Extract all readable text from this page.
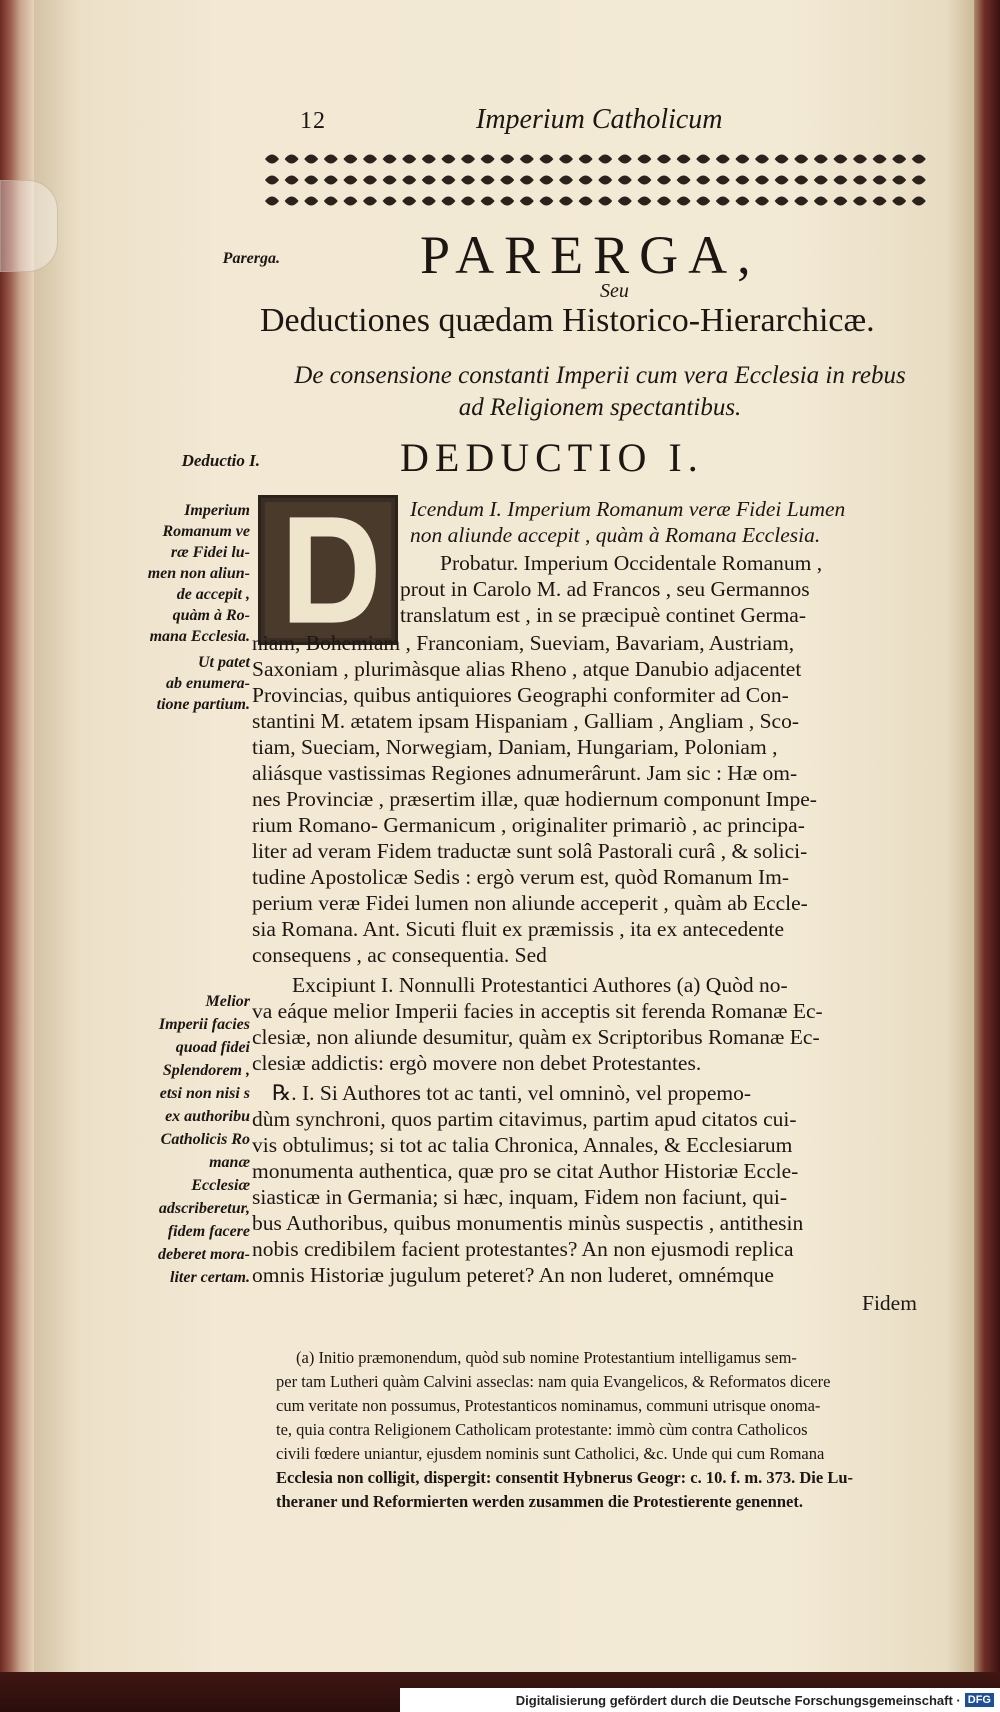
12	Imperium Catholicum
Parerga.
Deductio I.
Imperium
Romanum ve
ræ Fidei lu-
men non aliun-
de accepit ,
quàm à Ro-
mana Ecclesia.
Ut patet
ab enumera-
tione partium.
Melior
Imperii facies
quoad fidei
Splendorem ,
etsi non nisi s
ex authoribu
Catholicis Ro
manæ Ecclesiæ
adscriberetur,
fidem facere
deberet mora-
liter certam.
PARERGA,
Seu
Deductiones quædam Historico-Hierarchicæ.
De consensione constanti Imperii cum vera Ecclesia in rebus
ad Religionem spectantibus.
DEDUCTIO I.
Icendum I. Imperium Romanum veræ Fidei Lumen
non aliunde accepit , quàm à Romana Ecclesia.
Probatur. Imperium Occidentale Romanum ,
prout in Carolo M. ad Francos , seu Germannos
translatum est , in se præcipuè continet Germa-
niam, Bohemiam , Franconiam, Sueviam, Bavariam, Austriam,
Saxoniam , plurimàsque alias Rheno , atque Danubio adjacentet
Provincias, quibus antiquiores Geographi conformiter ad Con-
stantini M. ætatem ipsam Hispaniam , Galliam , Angliam , Sco-
tiam, Sueciam, Norwegiam, Daniam, Hungariam, Poloniam ,
aliásque vastissimas Regiones adnumerârunt. Jam sic : Hæ om-
nes Provinciæ , præsertim illæ, quæ hodiernum componunt Impe-
rium Romano- Germanicum , originaliter primariò , ac principa-
liter ad veram Fidem traductæ sunt solâ Pastorali curâ , & solici-
tudine Apostolicæ Sedis : ergò verum est, quòd Romanum Im-
perium veræ Fidei lumen non aliunde acceperit , quàm ab Eccle-
sia Romana. Ant. Sicuti fluit ex præmissis , ita ex antecedente
consequens , ac consequentia. Sed
Excipiunt I. Nonnulli Protestantici Authores (a) Quòd no-
va eáque melior Imperii facies in acceptis sit ferenda Romanæ Ec-
clesiæ, non aliunde desumitur, quàm ex Scriptoribus Romanæ Ec-
clesiæ addictis: ergò movere non debet Protestantes.
℞. I. Si Authores tot ac tanti, vel omninò, vel propemo-
dùm synchroni, quos partim citavimus, partim apud citatos cui-
vis obtulimus; si tot ac talia Chronica, Annales, & Ecclesiarum
monumenta authentica, quæ pro se citat Author Historiæ Eccle-
siasticæ in Germania; si hæc, inquam, Fidem non faciunt, qui-
bus Authoribus, quibus monumentis minùs suspectis , antithesin
nobis credibilem facient protestantes? An non ejusmodi replica
omnis Historiæ jugulum peteret? An non luderet, omnémque
Fidem
(a) Initio præmonendum, quòd sub nomine Protestantium intelligamus sem-
per tam Lutheri quàm Calvini asseclas: nam quia Evangelicos, & Reformatos dicere
cum veritate non possumus, Protestanticos nominamus, communi utrisque onoma-
te, quia contra Religionem Catholicam protestante: immò cùm contra Catholicos
civili fœdere uniantur, ejusdem nominis sunt Catholici, &c. Unde qui cum Romana
Ecclesia non colligit, dispergit: consentit Hybnerus Geogr: c. 10. f. m. 373. Die Lu-
theraner und Reformierten werden zusammen die Protestierente genennet.
Digitalisierung gefördert durch die Deutsche Forschungsgemeinschaft · DFG
